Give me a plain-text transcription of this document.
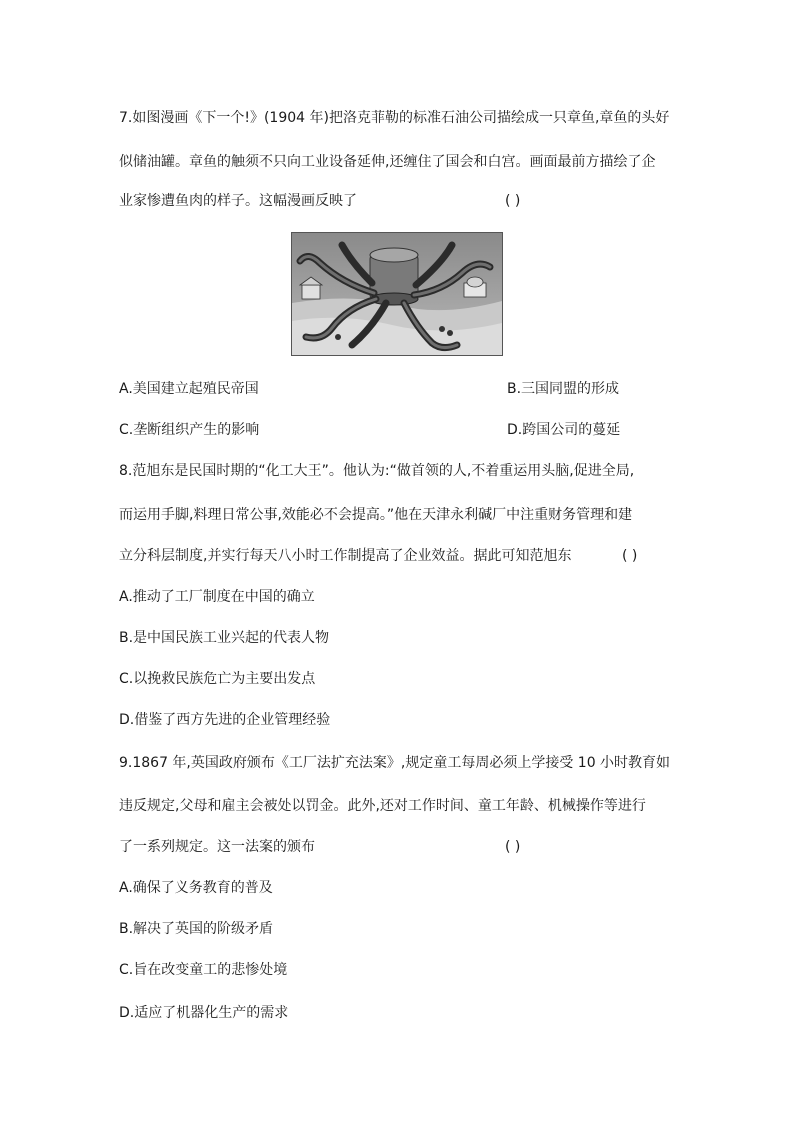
7.如图漫画《下一个!》(1904 年)把洛克菲勒的标准石油公司描绘成一只章鱼,章鱼的头好
似储油罐。章鱼的触须不只向工业设备延伸,还缠住了国会和白宫。画面最前方描绘了企
业家惨遭鱼肉的样子。这幅漫画反映了	( )
A.美国建立起殖民帝国	B.三国同盟的形成
C.垄断组织产生的影响	D.跨国公司的蔓延
8.范旭东是民国时期的“化工大王”。他认为:“做首领的人,不着重运用头脑,促进全局,
而运用手脚,料理日常公事,效能必不会提高。”他在天津永利碱厂中注重财务管理和建
立分科层制度,并实行每天八小时工作制提高了企业效益。据此可知范旭东	( )
A.推动了工厂制度在中国的确立
B.是中国民族工业兴起的代表人物
C.以挽救民族危亡为主要出发点
D.借鉴了西方先进的企业管理经验
9.1867 年,英国政府颁布《工厂法扩充法案》,规定童工每周必须上学接受 10 小时教育如
违反规定,父母和雇主会被处以罚金。此外,还对工作时间、童工年龄、机械操作等进行
了一系列规定。这一法案的颁布	( )
A.确保了义务教育的普及
B.解决了英国的阶级矛盾
C.旨在改变童工的悲惨处境
D.适应了机器化生产的需求
